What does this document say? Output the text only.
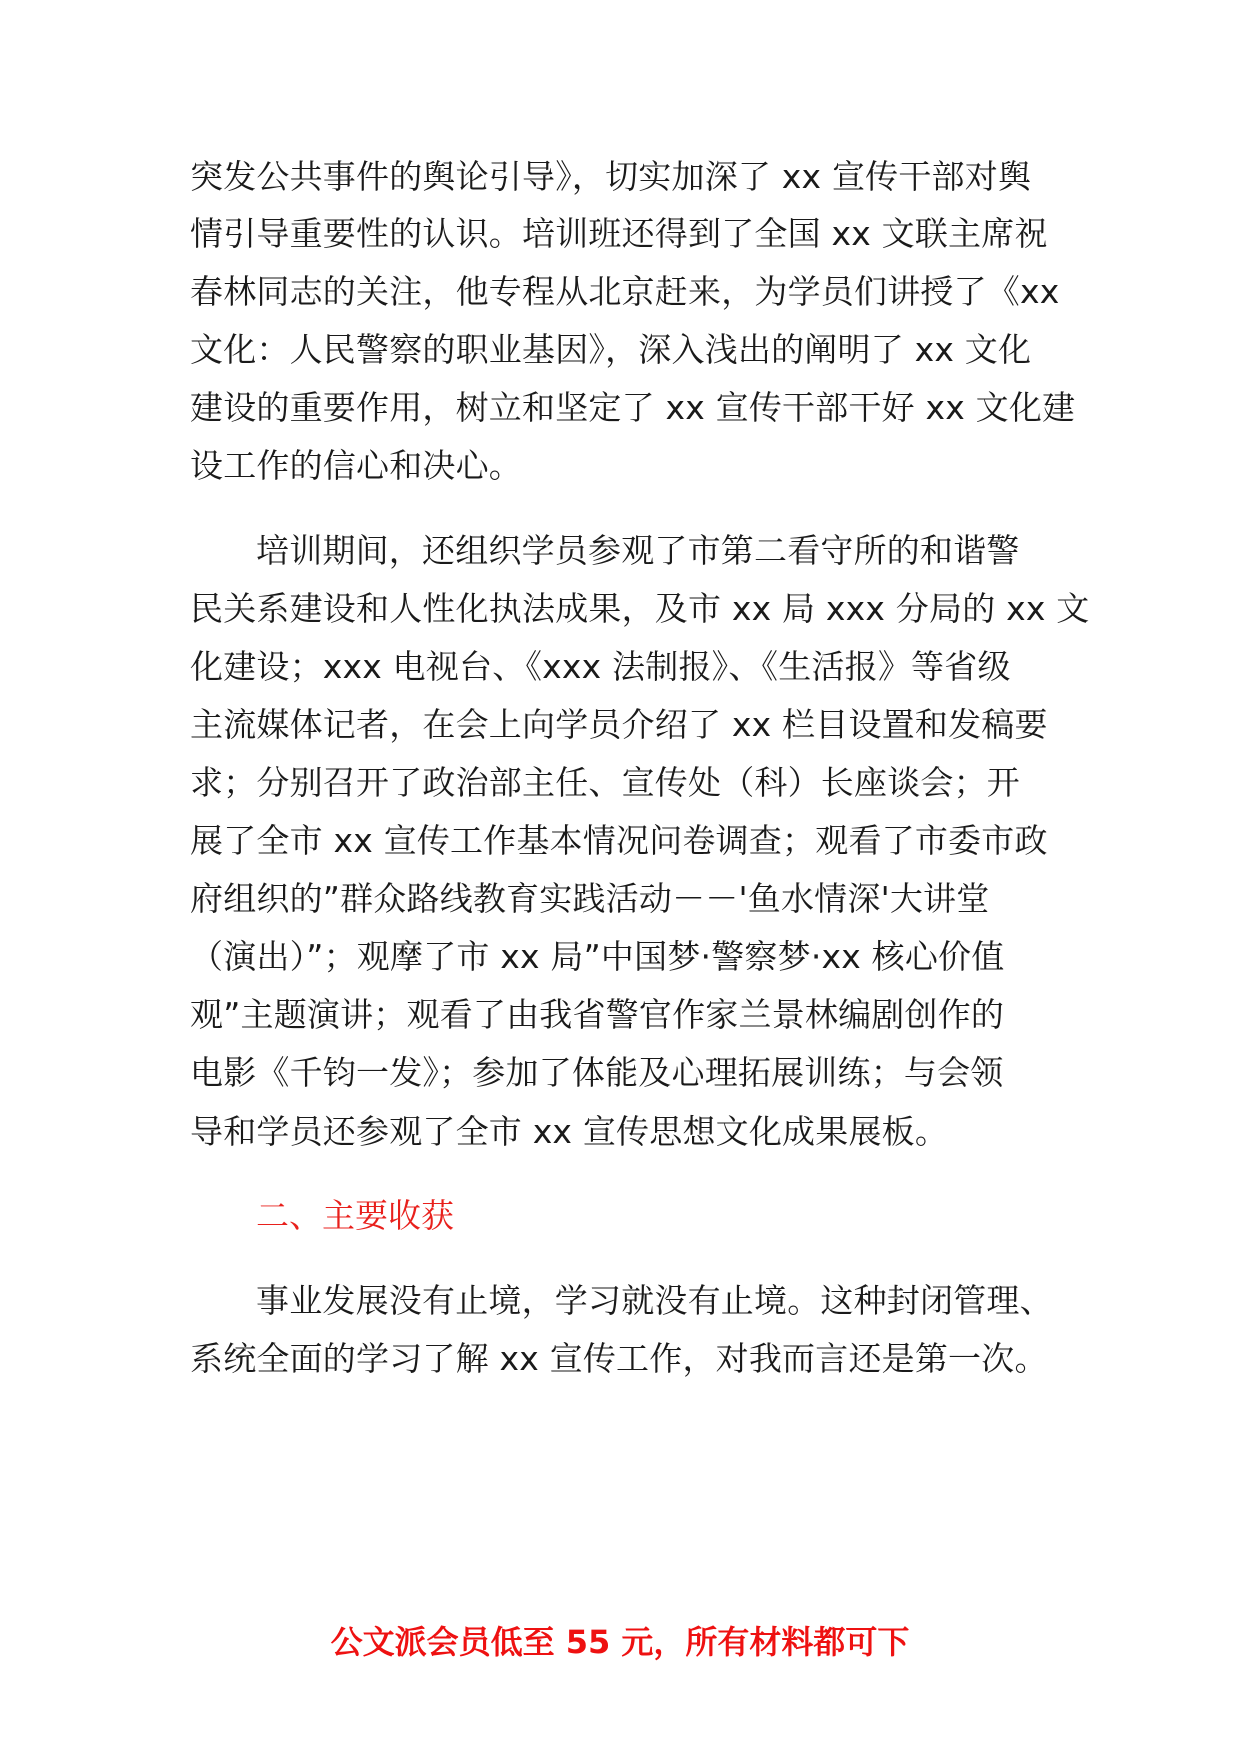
突发公共事件的舆论引导》，切实加深了 xx 宣传干部对舆
情引导重要性的认识。培训班还得到了全国 xx 文联主席祝
春林同志的关注，他专程从北京赶来，为学员们讲授了《xx
文化：人民警察的职业基因》，深入浅出的阐明了 xx 文化
建设的重要作用，树立和坚定了 xx 宣传干部干好 xx 文化建
设工作的信心和决心。
培训期间，还组织学员参观了市第二看守所的和谐警
民关系建设和人性化执法成果，及市 xx 局 xxx 分局的 xx 文
化建设；xxx 电视台、《xxx 法制报》、《生活报》等省级
主流媒体记者，在会上向学员介绍了 xx 栏目设置和发稿要
求；分别召开了政治部主任、宣传处（科）长座谈会；开
展了全市 xx 宣传工作基本情况问卷调查；观看了市委市政
府组织的”群众路线教育实践活动－－'鱼水情深'大讲堂
（演出）”；观摩了市 xx 局”中国梦·警察梦·xx 核心价值
观”主题演讲；观看了由我省警官作家兰景林编剧创作的
电影《千钧一发》；参加了体能及心理拓展训练；与会领
导和学员还参观了全市 xx 宣传思想文化成果展板。
二、主要收获
事业发展没有止境，学习就没有止境。这种封闭管理、
系统全面的学习了解 xx 宣传工作，对我而言还是第一次。
公文派会员低至 55 元，所有材料都可下
